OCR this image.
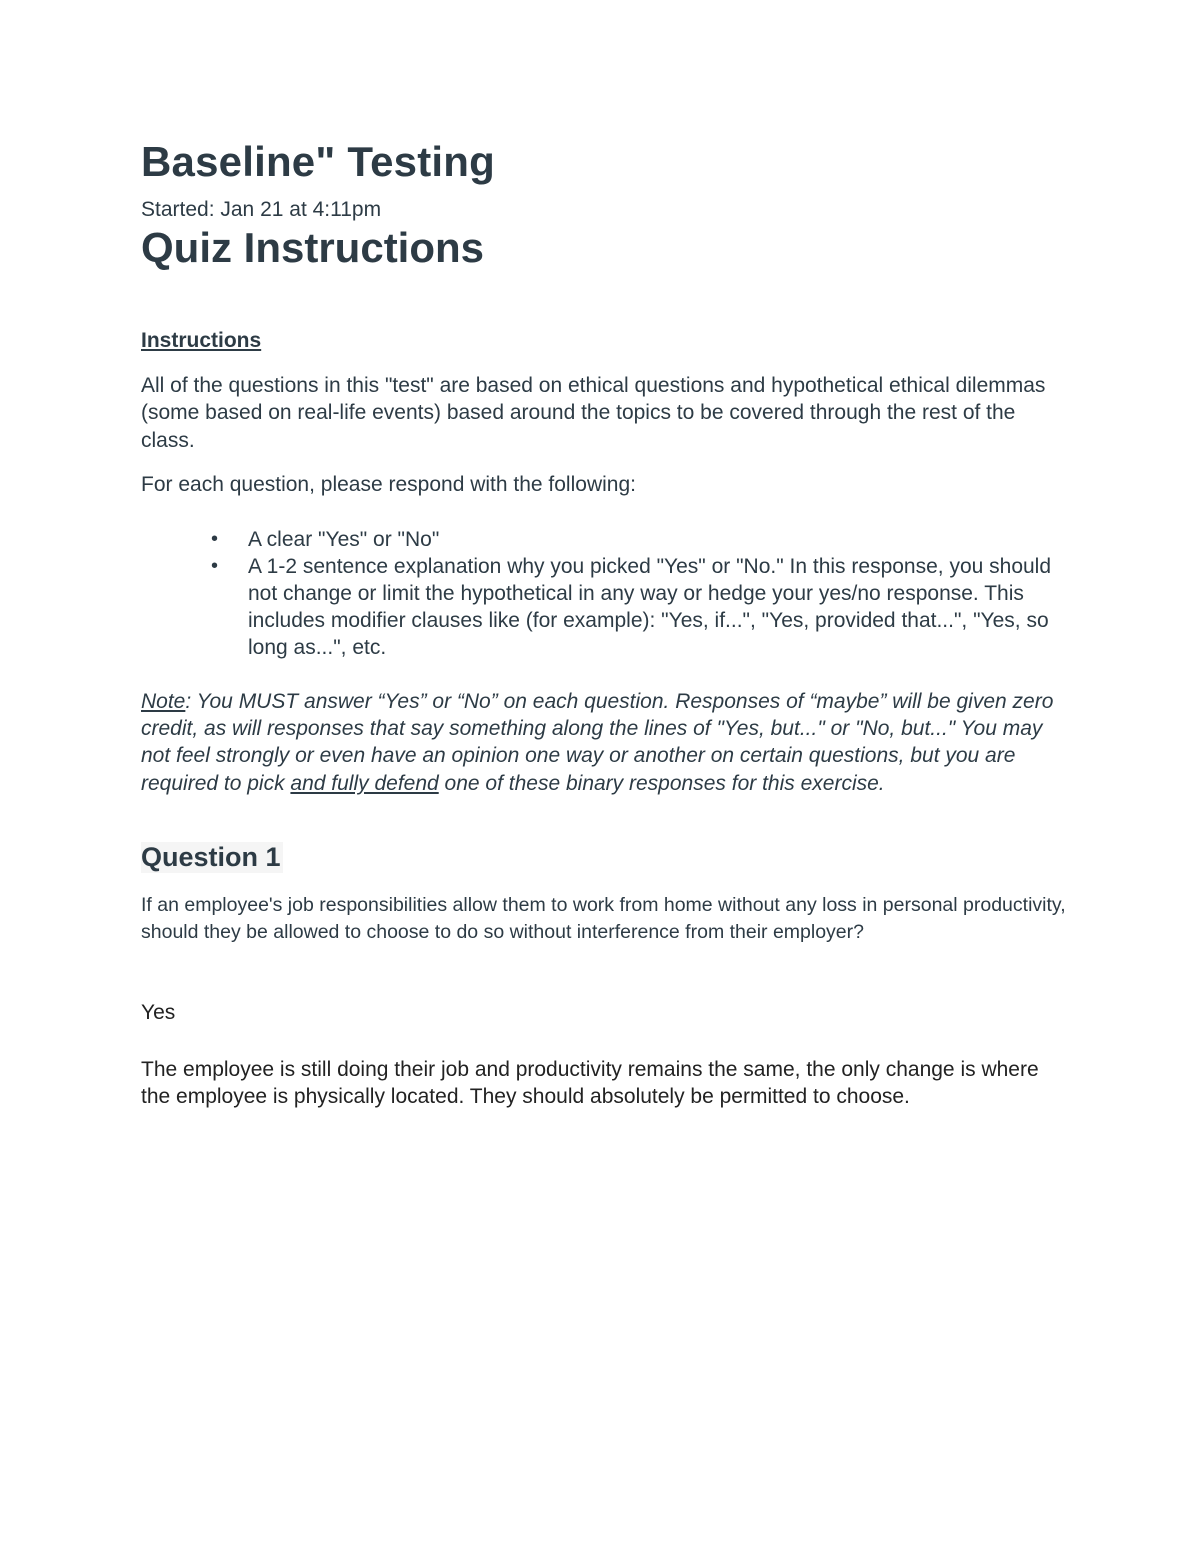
Baseline" Testing

Started: Jan 21 at 4:11pm

Quiz Instructions

Instructions

All of the questions in this "test" are based on ethical questions and hypothetical ethical dilemmas (some based on real-life events) based around the topics to be covered through the rest of the class.

For each question, please respond with the following:

• A clear "Yes" or "No"
• A 1-2 sentence explanation why you picked "Yes" or "No." In this response, you should not change or limit the hypothetical in any way or hedge your yes/no response. This includes modifier clauses like (for example): "Yes, if...", "Yes, provided that...", "Yes, so long as...", etc.

Note: You MUST answer “Yes” or “No” on each question. Responses of “maybe” will be given zero credit, as will responses that say something along the lines of "Yes, but..." or "No, but..." You may not feel strongly or even have an opinion one way or another on certain questions, but you are required to pick and fully defend one of these binary responses for this exercise.

Question 1

If an employee's job responsibilities allow them to work from home without any loss in personal productivity, should they be allowed to choose to do so without interference from their employer?

Yes

The employee is still doing their job and productivity remains the same, the only change is where the employee is physically located. They should absolutely be permitted to choose.
